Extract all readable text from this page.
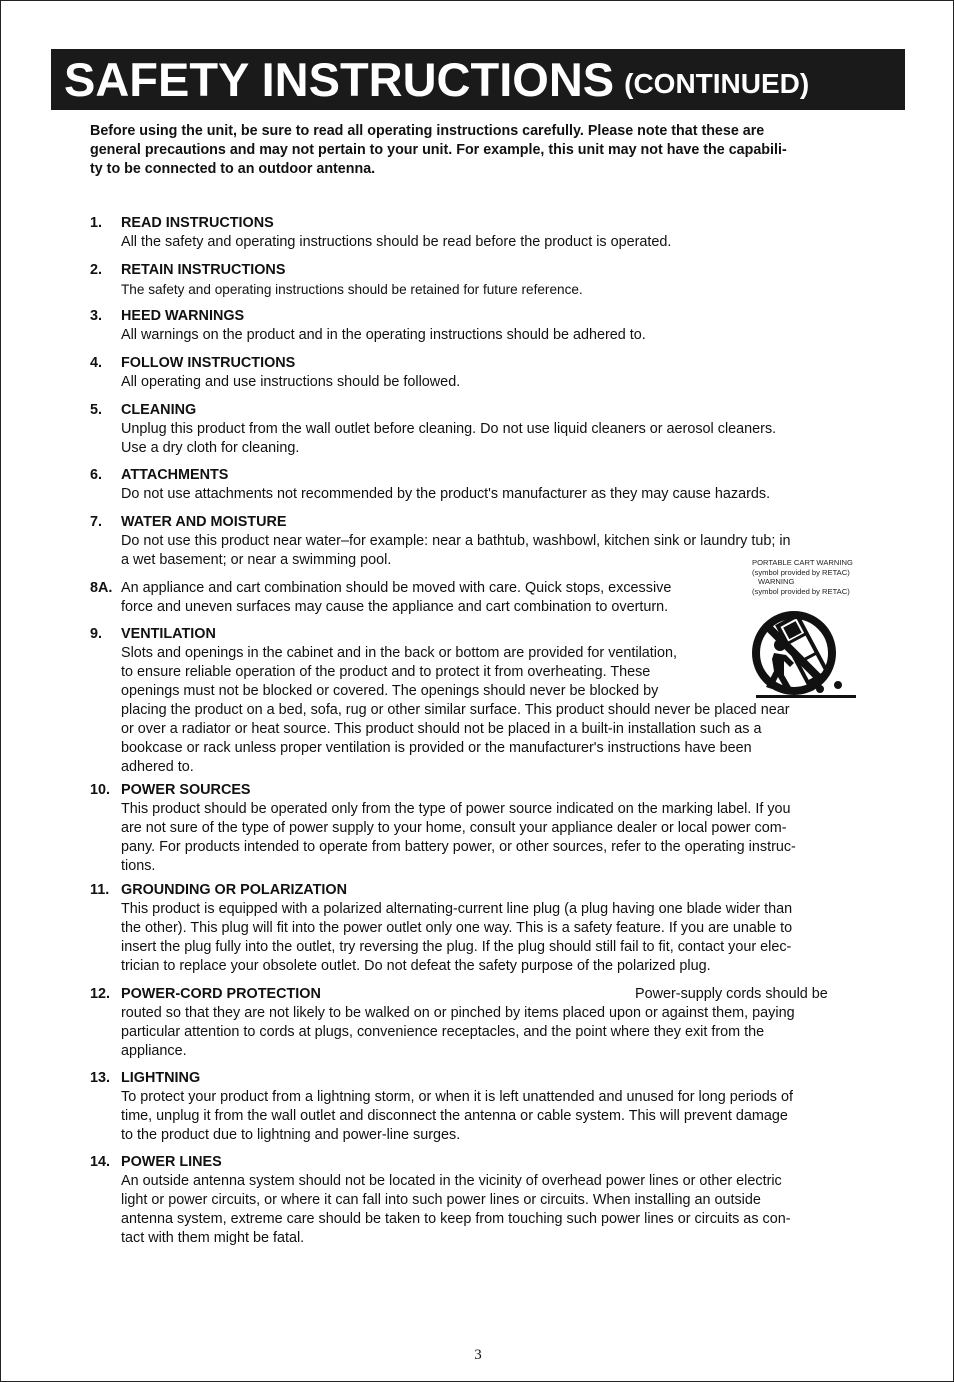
SAFETY INSTRUCTIONS (CONTINUED)
Before using the unit, be sure to read all operating instructions carefully. Please note that these are
general precautions and may not pertain to your unit. For example, this unit may not have the capabili-
ty to be connected to an outdoor antenna.
1. READ INSTRUCTIONS
All the safety and operating instructions should be read before the product is operated.
2. RETAIN INSTRUCTIONS
The safety and operating instructions should be retained for future reference.
3. HEED WARNINGS
All warnings on the product and in the operating instructions should be adhered to.
4. FOLLOW INSTRUCTIONS
All operating and use instructions should be followed.
5. CLEANING
Unplug this product from the wall outlet before cleaning. Do not use liquid cleaners or aerosol cleaners.
Use a dry cloth for cleaning.
6. ATTACHMENTS
Do not use attachments not recommended by the product's manufacturer as they may cause hazards.
7. WATER AND MOISTURE
Do not use this product near water–for example: near a bathtub, washbowl, kitchen sink or laundry tub; in
a wet basement; or near a swimming pool.
8A. An appliance and cart combination should be moved with care. Quick stops, excessive
force and uneven surfaces may cause the appliance and cart combination to overturn.
PORTABLE CART WARNING
(symbol provided by RETAC)
WARNING
(symbol provided by RETAC)
9. VENTILATION
Slots and openings in the cabinet and in the back or bottom are provided for ventilation,
to ensure reliable operation of the product and to protect it from overheating. These
openings must not be blocked or covered. The openings should never be blocked by
placing the product on a bed, sofa, rug or other similar surface. This product should never be placed near
or over a radiator or heat source. This product should not be placed in a built-in installation such as a
bookcase or rack unless proper ventilation is provided or the manufacturer's instructions have been
adhered to.
10. POWER SOURCES
This product should be operated only from the type of power source indicated on the marking label. If you
are not sure of the type of power supply to your home, consult your appliance dealer or local power com-
pany. For products intended to operate from battery power, or other sources, refer to the operating instruc-
tions.
11. GROUNDING OR POLARIZATION
This product is equipped with a polarized alternating-current line plug (a plug having one blade wider than
the other). This plug will fit into the power outlet only one way. This is a safety feature. If you are unable to
insert the plug fully into the outlet, try reversing the plug. If the plug should still fail to fit, contact your elec-
trician to replace your obsolete outlet. Do not defeat the safety purpose of the polarized plug.
12. POWER-CORD PROTECTION	Power-supply cords should be
routed so that they are not likely to be walked on or pinched by items placed upon or against them, paying
particular attention to cords at plugs, convenience receptacles, and the point where they exit from the
appliance.
13. LIGHTNING
To protect your product from a lightning storm, or when it is left unattended and unused for long periods of
time, unplug it from the wall outlet and disconnect the antenna or cable system. This will prevent damage
to the product due to lightning and power-line surges.
14. POWER LINES
An outside antenna system should not be located in the vicinity of overhead power lines or other electric
light or power circuits, or where it can fall into such power lines or circuits. When installing an outside
antenna system, extreme care should be taken to keep from touching such power lines or circuits as con-
tact with them might be fatal.
3
